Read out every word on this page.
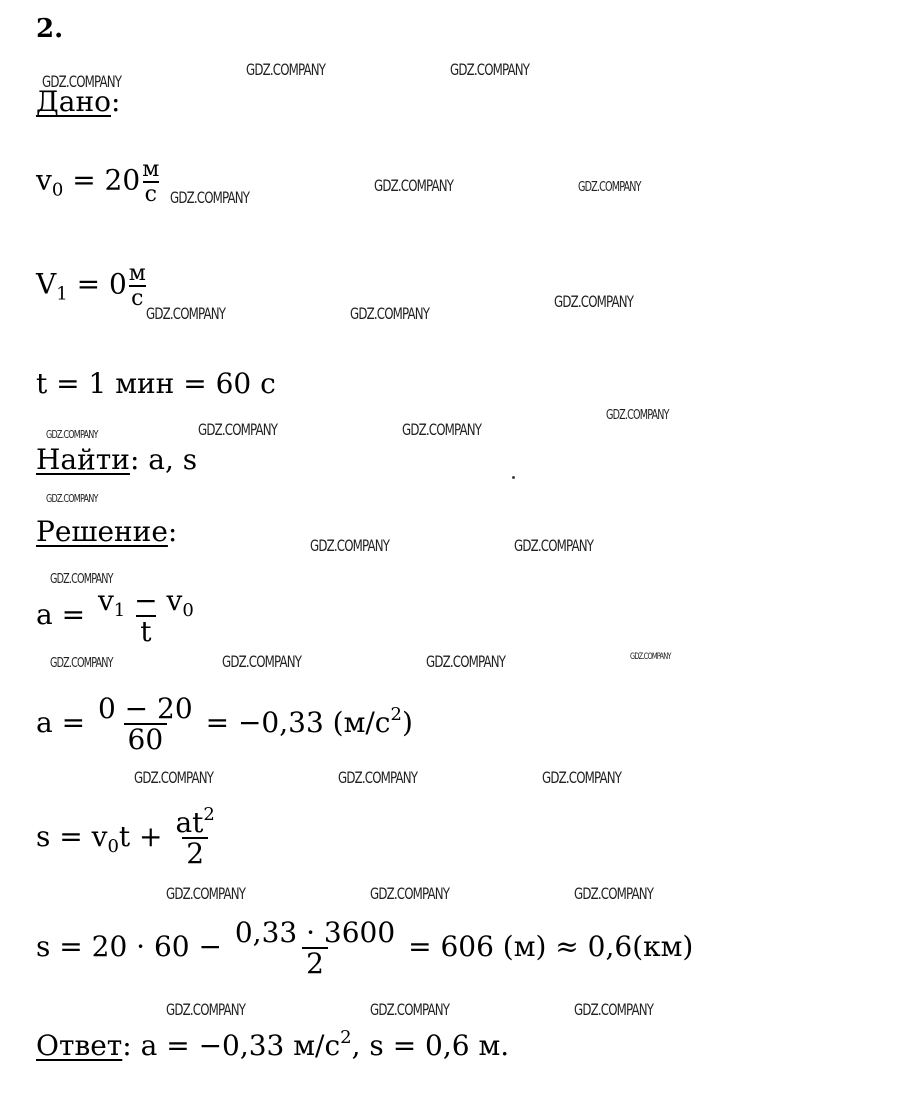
2.
GDZ.COMPANY
GDZ.COMPANY	GDZ.COMPANY
GDZ.COMPANY
GDZ.COMPANY	GDZ.COMPANY
GDZ.COMPANY	GDZ.COMPANY
GDZ.COMPANY
GDZ.COMPANY	GDZ.COMPANY	GDZ.COMPANY
GDZ.COMPANY
GDZ.COMPANY
GDZ.COMPANY	GDZ.COMPANY
GDZ.COMPANY
GDZ.COMPANY	GDZ.COMPANY	GDZ.COMPANY	GDZ.COMPANY
GDZ.COMPANY	GDZ.COMPANY	GDZ.COMPANY
GDZ.COMPANY	GDZ.COMPANY	GDZ.COMPANY
GDZ.COMPANY	GDZ.COMPANY	GDZ.COMPANY
Дано:
$v_0 = 20 \frac{м}{с}$
$V_1 = 0 \frac{м}{с}$
t = 1 мин = 60 с
Найти: a, s
Решение:
$a = \frac{v_1 - v_0}{t}$
$a = \frac{0 - 20}{60} = -0,33$ $(м/с^2)$
$s = v_0t + \frac{at^2}{2}$
$s = 20 \cdot 60 - \frac{0,33 \cdot 3600}{2} = 606$ (м) ≈ 0,6(км)
Ответ: a = −0,33 $м/с^2$, s = 0,6 м.
